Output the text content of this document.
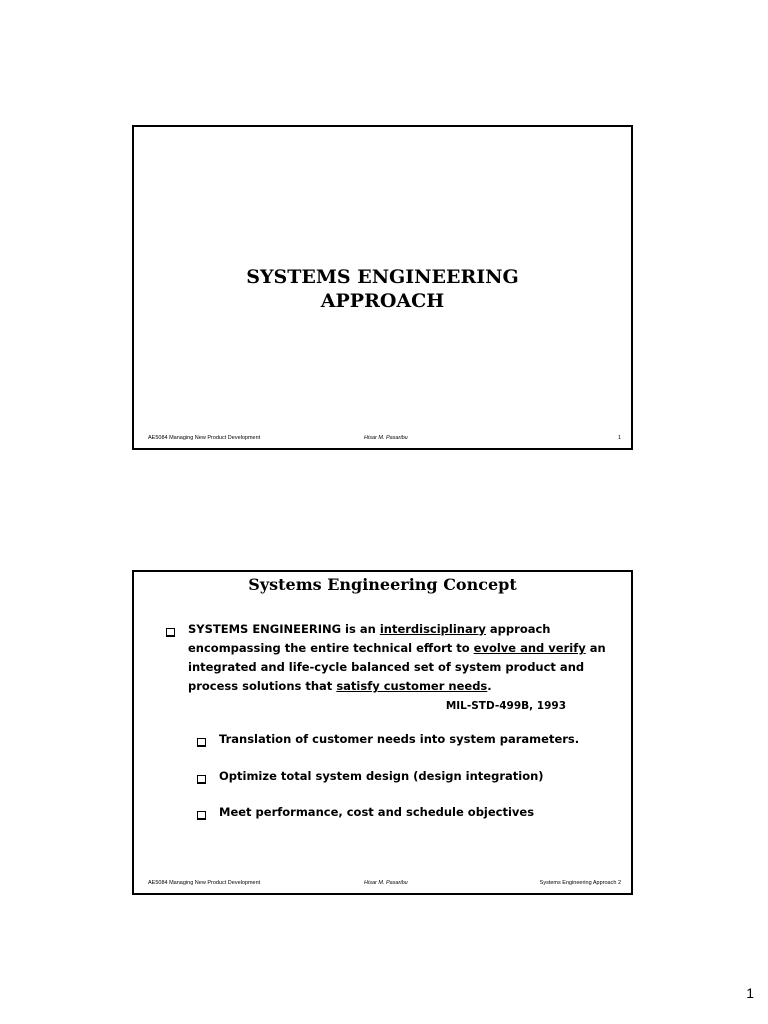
SYSTEMS ENGINEERING
APPROACH
AE5084 Managing New Product Development	Hisar M. Pasaribu	1
Systems Engineering Concept
SYSTEMS ENGINEERING is an interdisciplinary approach
encompassing the entire technical effort to evolve and verify an
integrated and life-cycle balanced set of system product and
process solutions that satisfy customer needs.
MIL-STD-499B, 1993
Translation of customer needs into system parameters.
Optimize total system design (design integration)
Meet performance, cost and schedule objectives
AE5084 Managing New Product Development	Hisar M. Pasaribu	Systems Engineering Approach 2
1
